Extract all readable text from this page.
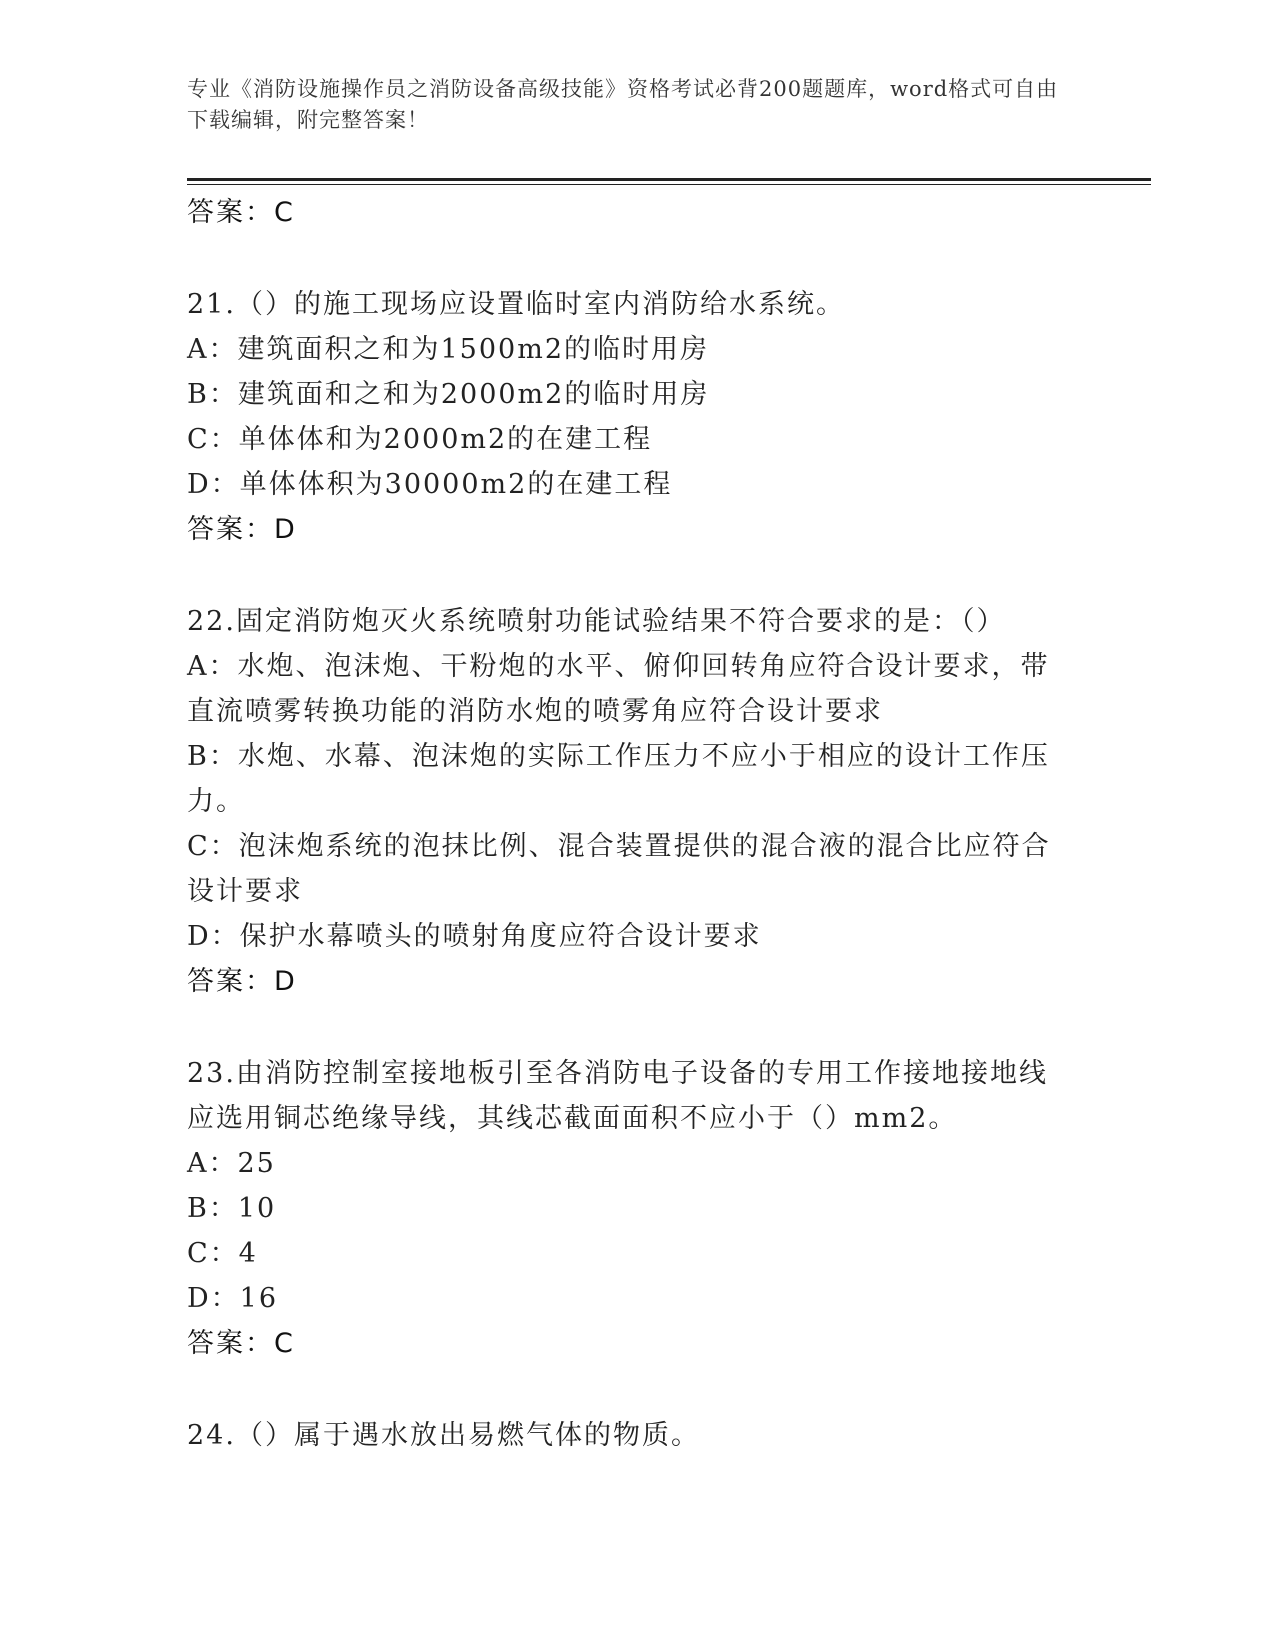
专业《消防设施操作员之消防设备高级技能》资格考试必背200题题库，word格式可自由下载编辑，附完整答案！
答案：C
21.（）的施工现场应设置临时室内消防给水系统。
A：建筑面积之和为1500m2的临时用房
B：建筑面和之和为2000m2的临时用房
C：单体体和为2000m2的在建工程
D：单体体积为30000m2的在建工程
答案：D
22.固定消防炮灭火系统喷射功能试验结果不符合要求的是：（）
A：水炮、泡沫炮、干粉炮的水平、俯仰回转角应符合设计要求，带直流喷雾转换功能的消防水炮的喷雾角应符合设计要求
B：水炮、水幕、泡沫炮的实际工作压力不应小于相应的设计工作压力。
C：泡沫炮系统的泡抹比例、混合装置提供的混合液的混合比应符合设计要求
D：保护水幕喷头的喷射角度应符合设计要求
答案：D
23.由消防控制室接地板引至各消防电子设备的专用工作接地接地线应选用铜芯绝缘导线，其线芯截面面积不应小于（）mm2。
A：25
B：10
C：4
D：16
答案：C
24.（）属于遇水放出易燃气体的物质。
